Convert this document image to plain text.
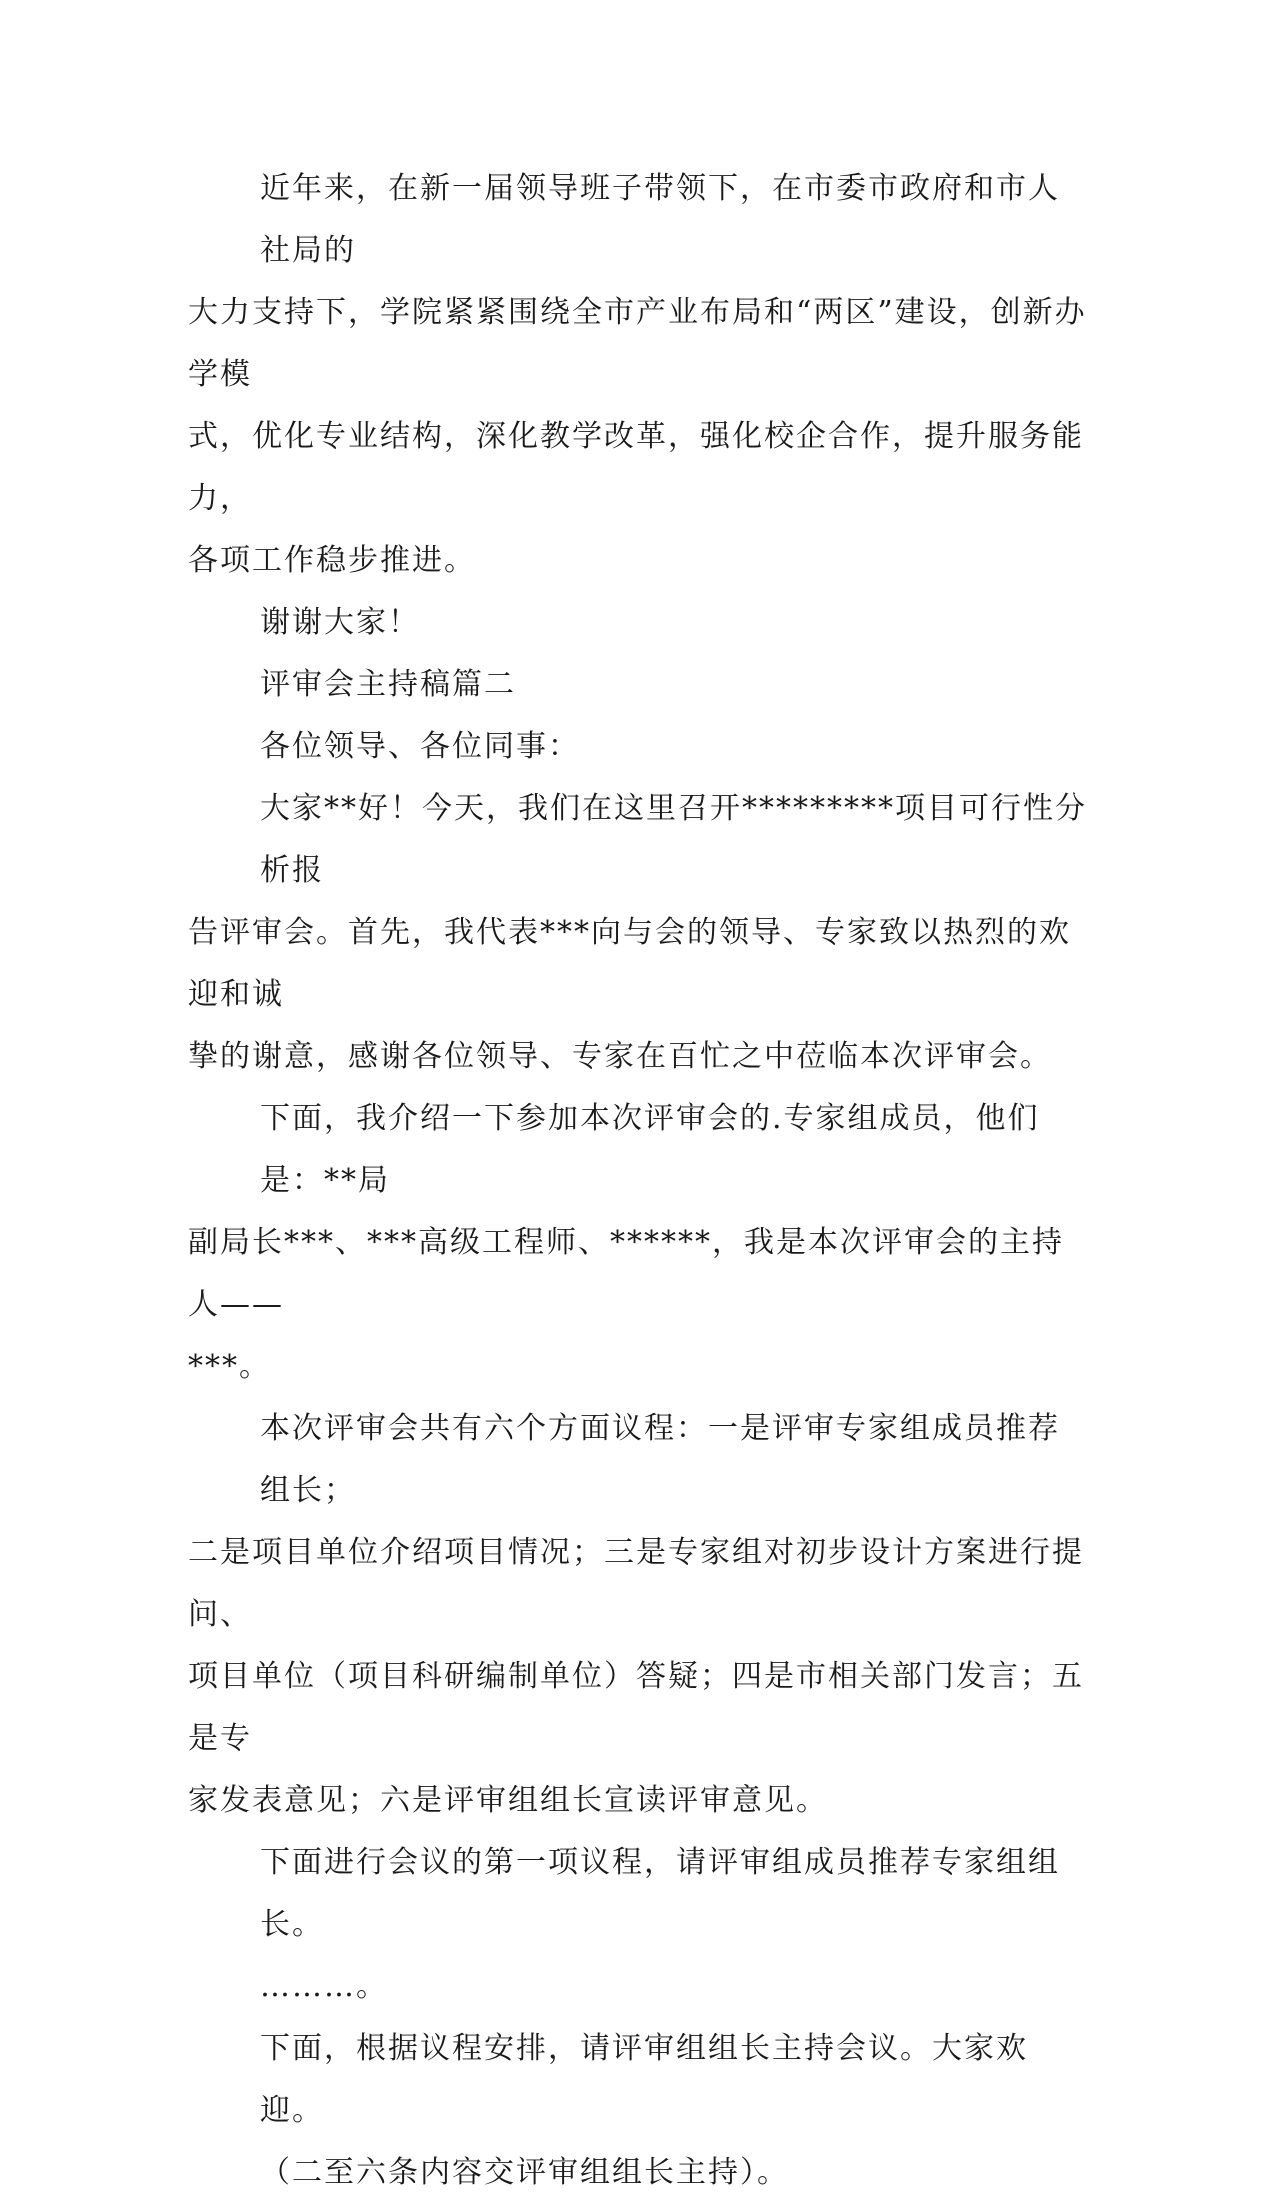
近年来，在新一届领导班子带领下，在市委市政府和市人社局的
大力支持下，学院紧紧围绕全市产业布局和“两区”建设，创新办学模
式，优化专业结构，深化教学改革，强化校企合作，提升服务能力，
各项工作稳步推进。
谢谢大家！
评审会主持稿篇二
各位领导、各位同事：
大家**好！今天，我们在这里召开*********项目可行性分析报
告评审会。首先，我代表***向与会的领导、专家致以热烈的欢迎和诚
挚的谢意，感谢各位领导、专家在百忙之中莅临本次评审会。
下面，我介绍一下参加本次评审会的.专家组成员，他们是：**局
副局长***、***高级工程师、******，我是本次评审会的主持人——
***。
本次评审会共有六个方面议程：一是评审专家组成员推荐组长；
二是项目单位介绍项目情况；三是专家组对初步设计方案进行提问、
项目单位（项目科研编制单位）答疑；四是市相关部门发言；五是专
家发表意见；六是评审组组长宣读评审意见。
下面进行会议的第一项议程，请评审组成员推荐专家组组长。
………。
下面，根据议程安排，请评审组组长主持会议。大家欢迎。
（二至六条内容交评审组组长主持）。
